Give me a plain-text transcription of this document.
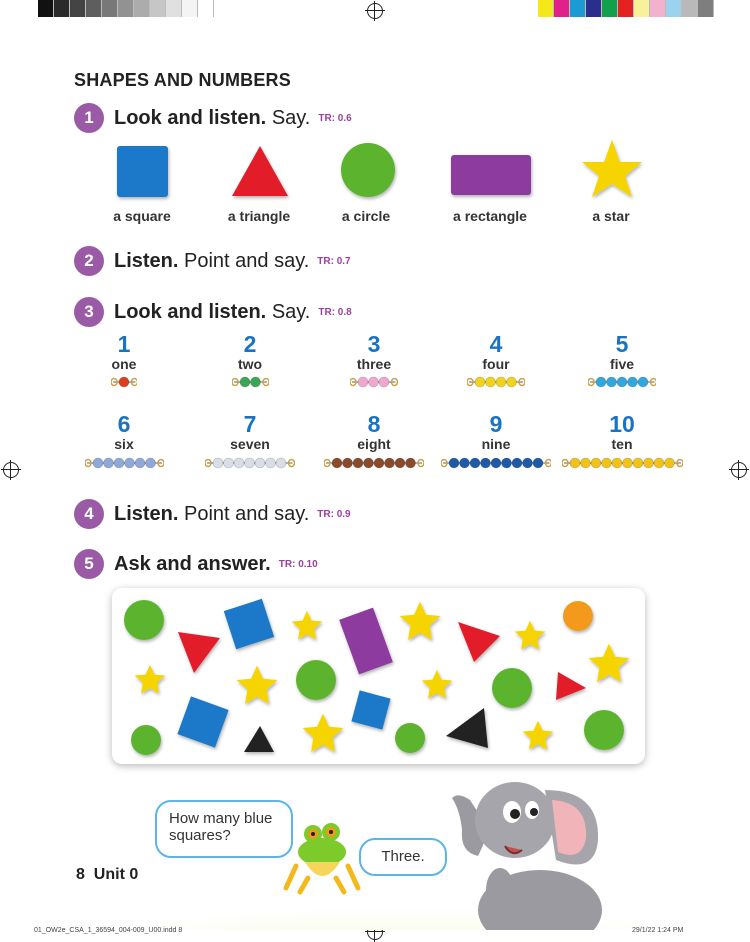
SHAPES AND NUMBERS
1	Look and listen. Say. TR: 0.6
a square	a triangle	a circle	a rectangle	a star
2	Listen. Point and say. TR: 0.7
3	Look and listen. Say. TR: 0.8
1
one
2
two
3
three
4
four
5
five
6
six
7
seven
8
eight
9
nine
10
ten
4	Listen. Point and say. TR: 0.9
5	Ask and answer. TR: 0.10
How many blue squares?
Three.
8 Unit 0
01_OW2e_CSA_1_36594_004-009_U00.indd 8	29/1/22 1:24 PM
